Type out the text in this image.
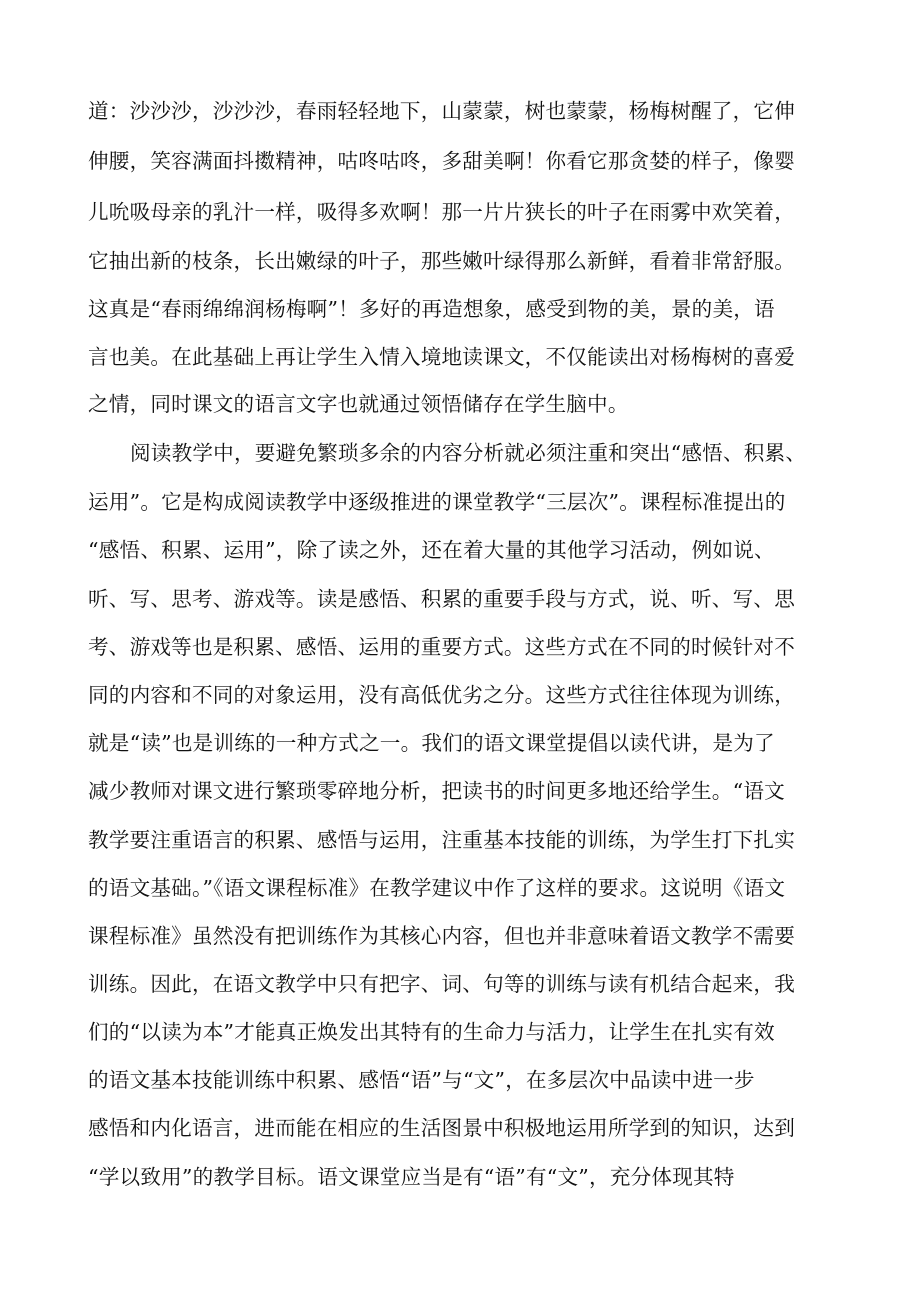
道：沙沙沙，沙沙沙，春雨轻轻地下，山蒙蒙，树也蒙蒙，杨梅树醒了，它伸
伸腰，笑容满面抖擞精神，咕咚咕咚，多甜美啊！你看它那贪婪的样子，像婴
儿吮吸母亲的乳汁一样，吸得多欢啊！那一片片狭长的叶子在雨雾中欢笑着，
它抽出新的枝条，长出嫩绿的叶子，那些嫩叶绿得那么新鲜，看着非常舒服。
这真是“春雨绵绵润杨梅啊”！多好的再造想象，感受到物的美，景的美，语
言也美。在此基础上再让学生入情入境地读课文，不仅能读出对杨梅树的喜爱
之情，同时课文的语言文字也就通过领悟储存在学生脑中。
阅读教学中，要避免繁琐多余的内容分析就必须注重和突出“感悟、积累、
运用”。它是构成阅读教学中逐级推进的课堂教学“三层次”。课程标准提出的
“感悟、积累、运用”，除了读之外，还在着大量的其他学习活动，例如说、
听、写、思考、游戏等。读是感悟、积累的重要手段与方式，说、听、写、思
考、游戏等也是积累、感悟、运用的重要方式。这些方式在不同的时候针对不
同的内容和不同的对象运用，没有高低优劣之分。这些方式往往体现为训练，
就是“读”也是训练的一种方式之一。我们的语文课堂提倡以读代讲，是为了
减少教师对课文进行繁琐零碎地分析，把读书的时间更多地还给学生。“语文
教学要注重语言的积累、感悟与运用，注重基本技能的训练，为学生打下扎实
的语文基础。”《语文课程标准》在教学建议中作了这样的要求。这说明《语文
课程标准》虽然没有把训练作为其核心内容，但也并非意味着语文教学不需要
训练。因此，在语文教学中只有把字、词、句等的训练与读有机结合起来，我
们的“以读为本”才能真正焕发出其特有的生命力与活力，让学生在扎实有效
的语文基本技能训练中积累、感悟“语”与“文”，在多层次中品读中进一步
感悟和内化语言，进而能在相应的生活图景中积极地运用所学到的知识，达到
“学以致用”的教学目标。语文课堂应当是有“语”有“文”，充分体现其特
